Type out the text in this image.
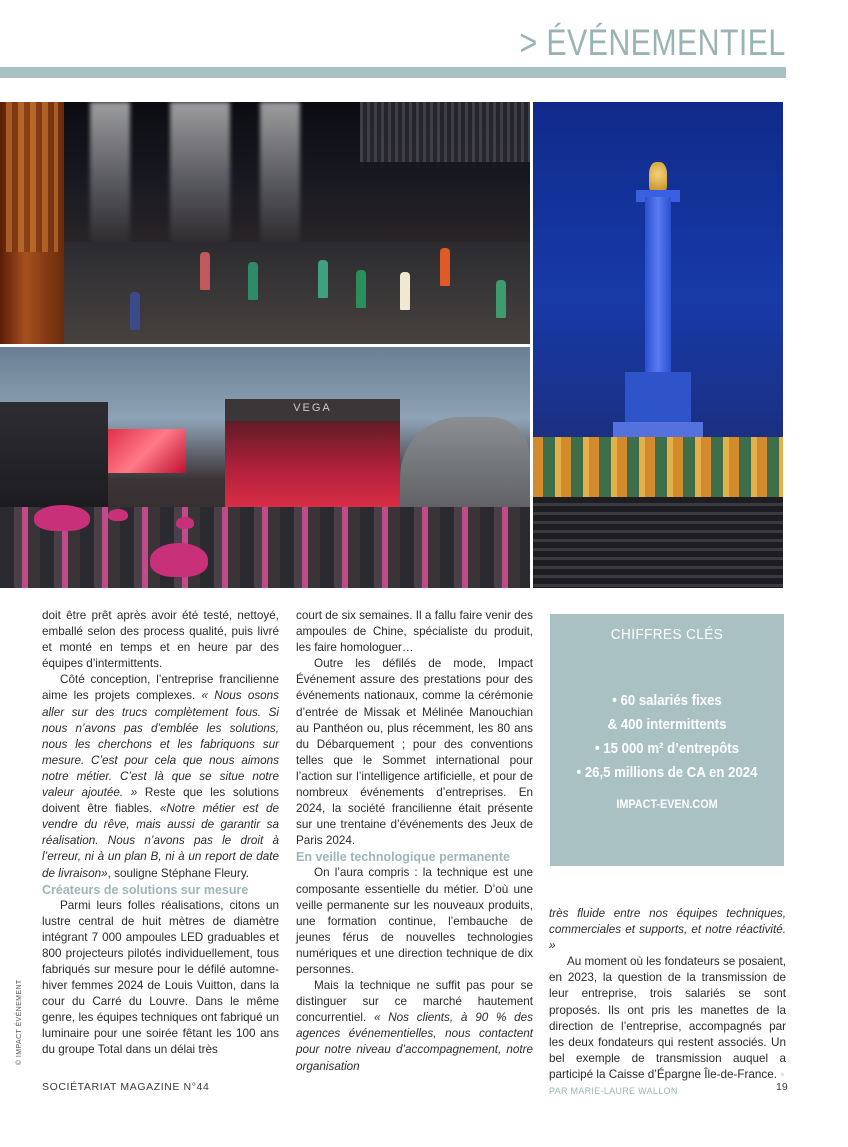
> ÉVÉNEMENTIEL
VEGA

doit être prêt après avoir été testé, nettoyé, emballé selon des process qualité, puis livré et monté en temps et en heure par des équipes d’intermittents.

Côté conception, l’entreprise francilienne aime les projets complexes. « Nous osons aller sur des trucs complètement fous. Si nous n’avons pas d’emblée les solutions, nous les cherchons et les fabriquons sur mesure. C’est pour cela que nous aimons notre métier. C’est là que se situe notre valeur ajoutée. » Reste que les solutions doivent être fiables. «Notre métier est de vendre du rêve, mais aussi de garantir sa réalisation. Nous n’avons pas le droit à l’erreur, ni à un plan B, ni à un report de date de livraison», souligne Stéphane Fleury.

Créateurs de solutions sur mesure

Parmi leurs folles réalisations, citons un lustre central de huit mètres de diamètre intégrant 7 000 ampoules LED graduables et 800 projecteurs pilotés individuellement, tous fabriqués sur mesure pour le défilé automne-hiver femmes 2024 de Louis Vuitton, dans la cour du Carré du Louvre. Dans le même genre, les équipes techniques ont fabriqué un luminaire pour une soirée fêtant les 100 ans du groupe Total dans un délai très

court de six semaines. Il a fallu faire venir des ampoules de Chine, spécialiste du produit, les faire homologuer…

Outre les défilés de mode, Impact Événement assure des prestations pour des événements nationaux, comme la cérémonie d’entrée de Missak et Mélinée Manouchian au Panthéon ou, plus récemment, les 80 ans du Débarquement ; pour des conventions telles que le Sommet international pour l’action sur l’intelligence artificielle, et pour de nombreux événements d’entreprises. En 2024, la société francilienne était présente sur une trentaine d’événements des Jeux de Paris 2024.

En veille technologique permanente

On l’aura compris : la technique est une composante essentielle du métier. D’où une veille permanente sur les nouveaux produits, une formation continue, l’embauche de jeunes férus de nouvelles technologies numériques et une direction technique de dix personnes.

Mais la technique ne suffit pas pour se distinguer sur ce marché hautement concurrentiel. « Nos clients, à 90 % des agences événementielles, nous contactent pour notre niveau d’accompagnement, notre organisation

CHIFFRES CLÉS
• 60 salariés fixes
& 400 intermittents
• 15 000 m² d’entrepôts
• 26,5 millions de CA en 2024
IMPACT-EVEN.COM

très fluide entre nos équipes techniques, commerciales et supports, et notre réactivité. »

Au moment où les fondateurs se posaient, en 2023, la question de la transmission de leur entreprise, trois salariés se sont proposés. Ils ont pris les manettes de la direction de l’entreprise, accompagnés par les deux fondateurs qui restent associés. Un bel exemple de transmission auquel a participé la Caisse d’Épargne Île-de-France. ◦

PAR MARIE-LAURE WALLON

© IMPACT ÉVÉNEMENT
SOCIÉTARIAT MAGAZINE N°44	19
